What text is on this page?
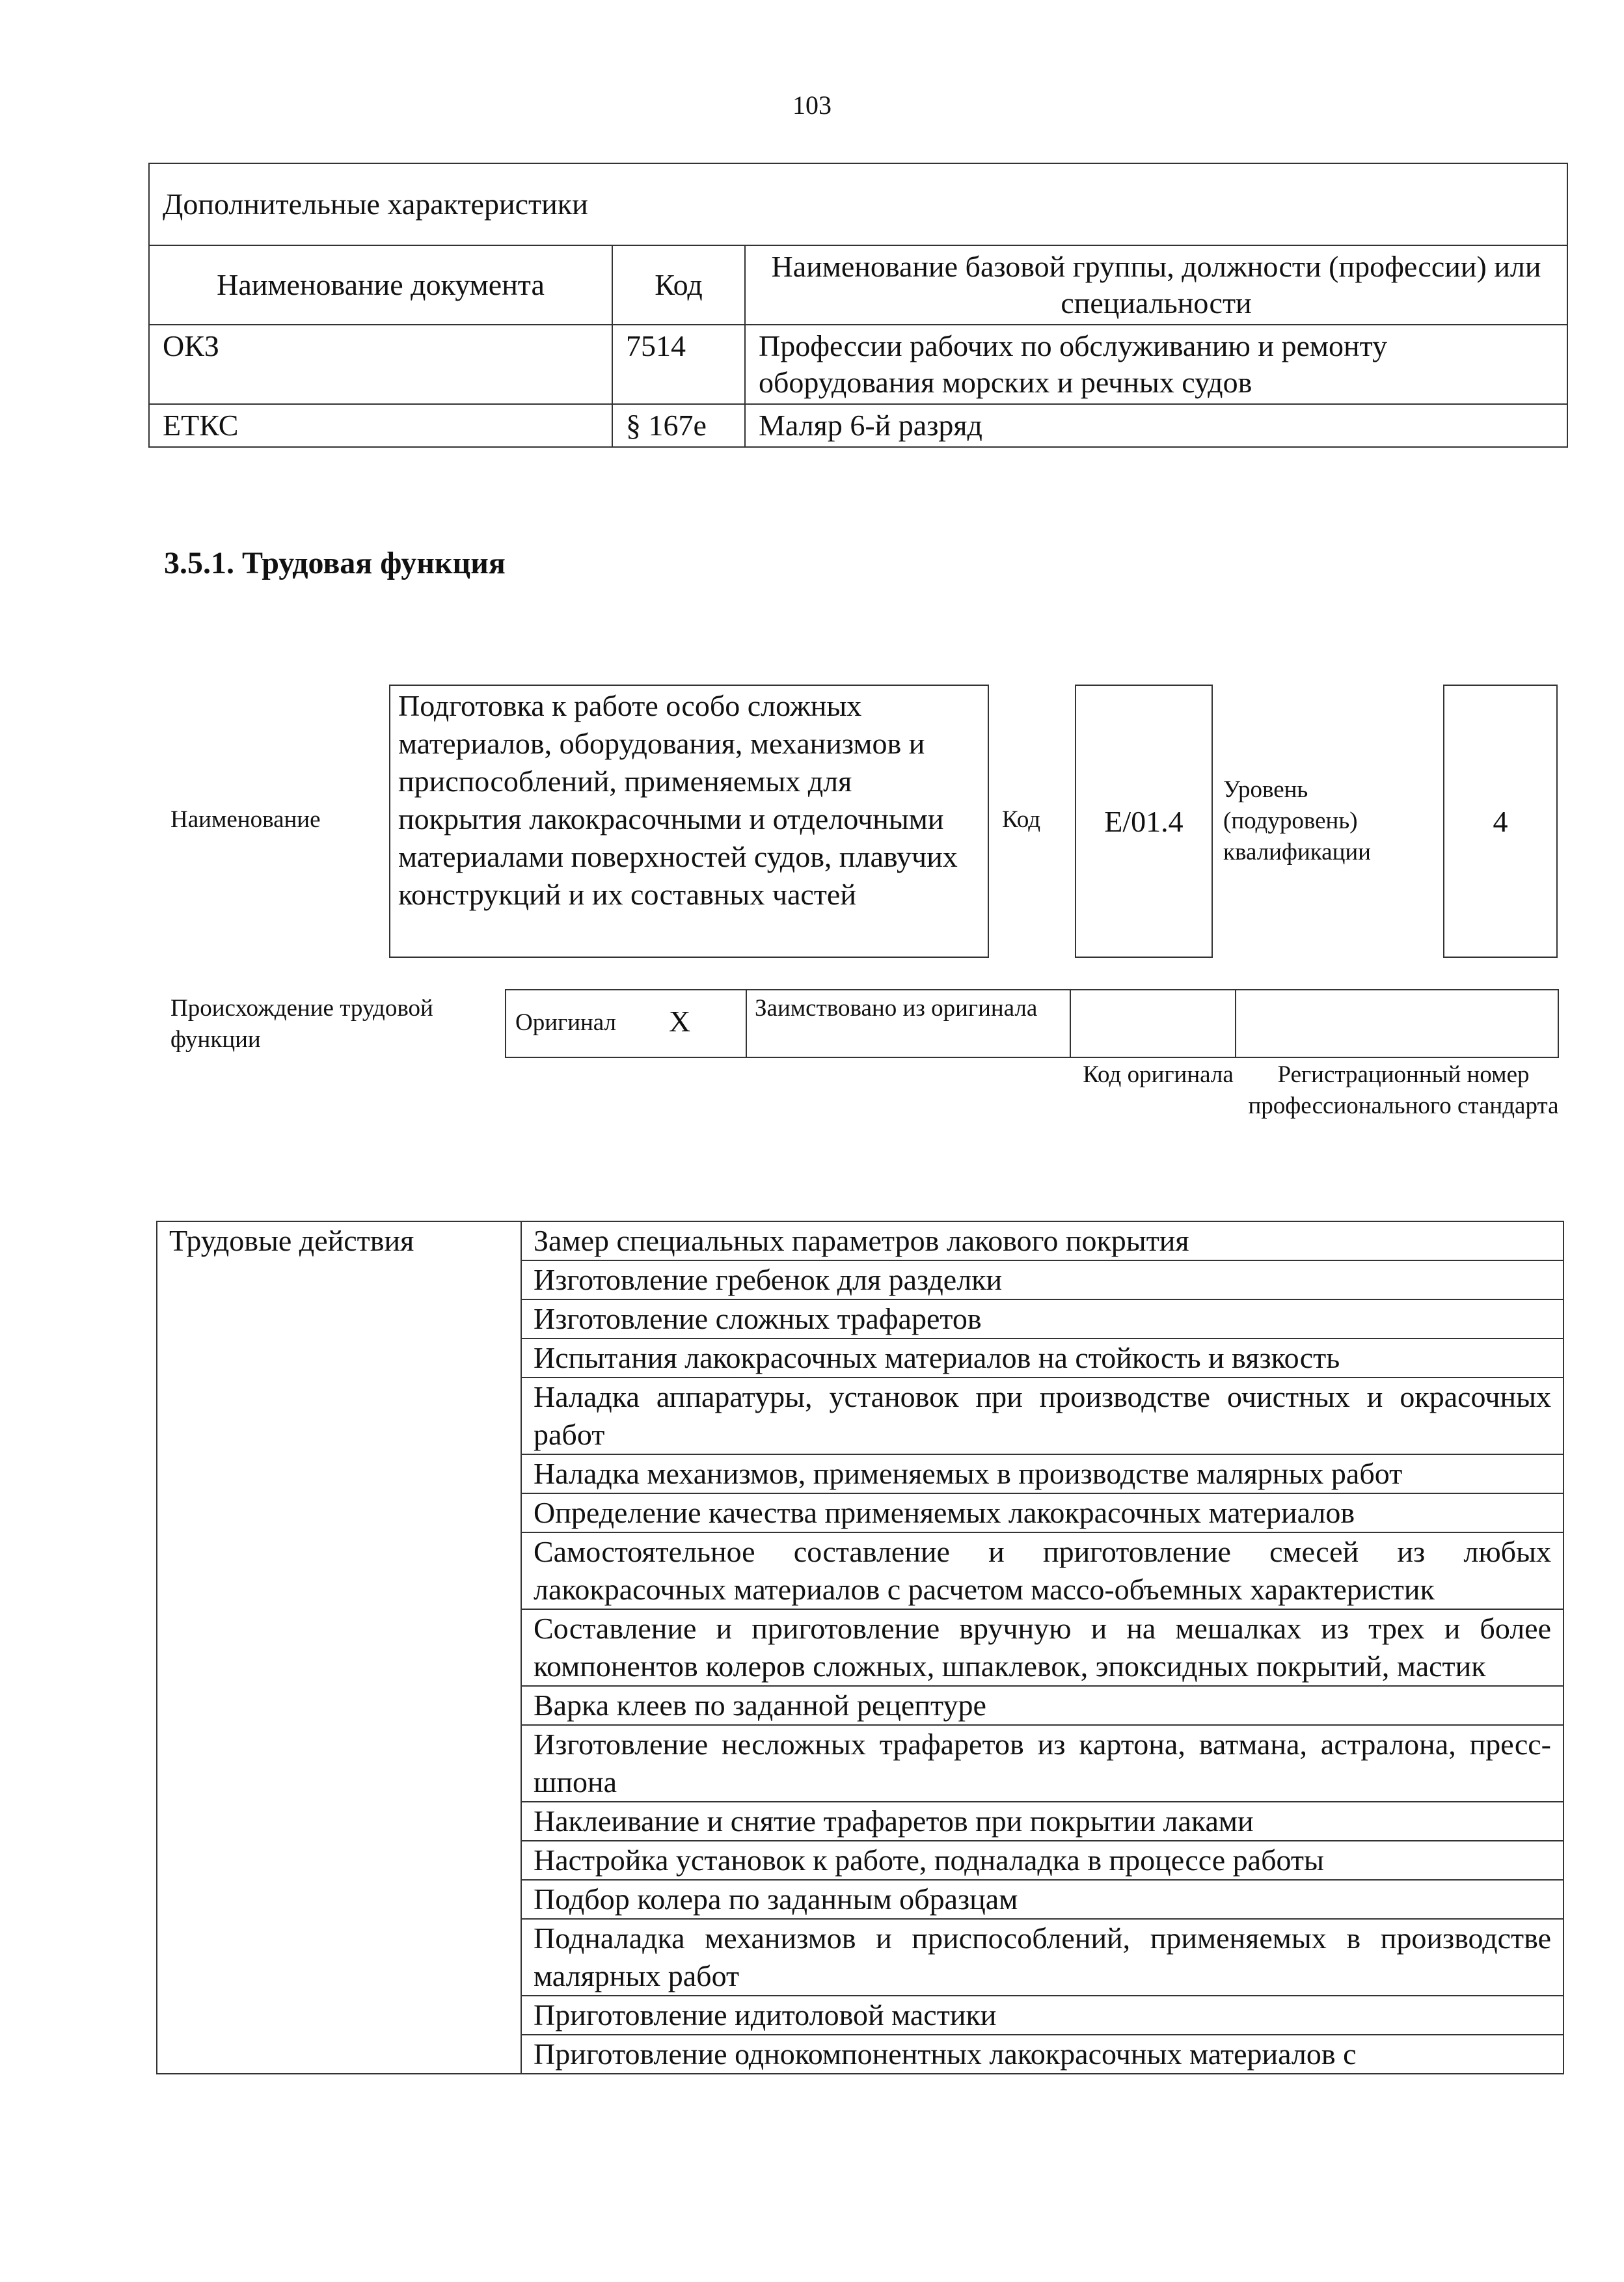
103
Дополнительные характеристики		
Наименование документа	Код	Наименование базовой группы, должности (профессии) или специальности
ОКЗ	7514	Профессии рабочих по обслуживанию и ремонту оборудования морских и речных судов
ЕТКС	§ 167е	Маляр 6-й разряд
3.5.1. Трудовая функция
Наименование
Подготовка к работе особо сложных материалов, оборудования, механизмов и приспособлений, применяемых для покрытия лакокрасочными и отделочными материалами поверхностей судов, плавучих конструкций и их составных частей
Код	E/01.4
Уровень (подуровень) квалификации
4
Происхождение трудовой функции
Оригинал X	Заимствовано из оригинала
Код оригинала	Регистрационный номер профессионального стандарта
Трудовые действия	Замер специальных параметров лакового покрытия
Изготовление гребенок для разделки
Изготовление сложных трафаретов
Испытания лакокрасочных материалов на стойкость и вязкость
Наладка аппаратуры, установок при производстве очистных и окрасочных работ
Наладка механизмов, применяемых в производстве малярных работ
Определение качества применяемых лакокрасочных материалов
Самостоятельное составление и приготовление смесей из любых лакокрасочных материалов с расчетом массо-объемных характеристик
Составление и приготовление вручную и на мешалках из трех и более компонентов колеров сложных, шпаклевок, эпоксидных покрытий, мастик
Варка клеев по заданной рецептуре
Изготовление несложных трафаретов из картона, ватмана, астралона, пресс-шпона
Наклеивание и снятие трафаретов при покрытии лаками
Настройка установок к работе, подналадка в процессе работы
Подбор колера по заданным образцам
Подналадка механизмов и приспособлений, применяемых в производстве малярных работ
Приготовление идитоловой мастики
Приготовление однокомпонентных лакокрасочных материалов с
